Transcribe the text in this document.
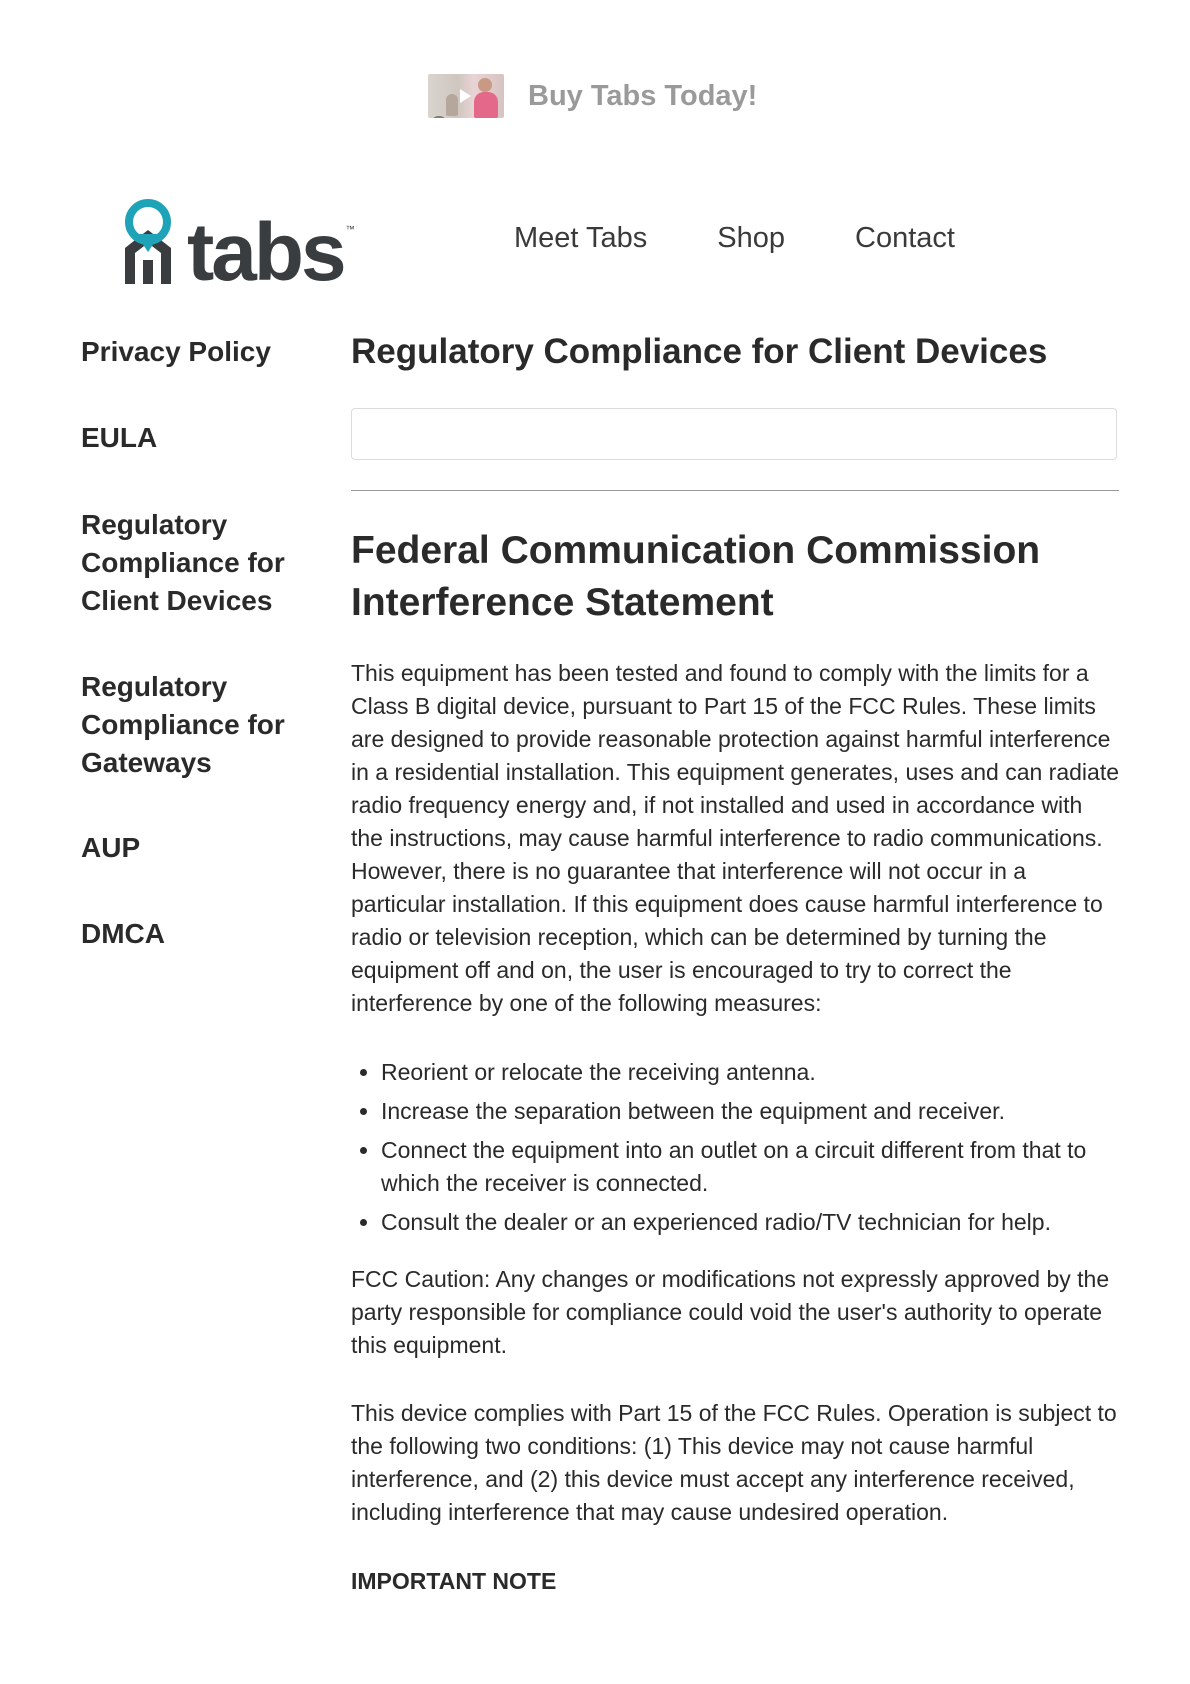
Buy Tabs Today!
tabs ™	Meet Tabs Shop Contact
Privacy Policy
EULA
Regulatory Compliance for Client Devices
Regulatory Compliance for Gateways
AUP
DMCA
Regulatory Compliance for Client Devices
Federal Communication Commission Interference Statement

This equipment has been tested and found to comply with the limits for a Class B digital device, pursuant to Part 15 of the FCC Rules. These limits are designed to provide reasonable protection against harmful interference in a residential installation. This equipment generates, uses and can radiate radio frequency energy and, if not installed and used in accordance with the instructions, may cause harmful interference to radio communications. However, there is no guarantee that interference will not occur in a particular installation. If this equipment does cause harmful interference to radio or television reception, which can be determined by turning the equipment off and on, the user is encouraged to try to correct the interference by one of the following measures:

• Reorient or relocate the receiving antenna.
• Increase the separation between the equipment and receiver.
• Connect the equipment into an outlet on a circuit different from that to which the receiver is connected.
• Consult the dealer or an experienced radio/TV technician for help.

FCC Caution: Any changes or modifications not expressly approved by the party responsible for compliance could void the user's authority to operate this equipment.

This device complies with Part 15 of the FCC Rules. Operation is subject to the following two conditions: (1) This device may not cause harmful interference, and (2) this device must accept any interference received, including interference that may cause undesired operation.

IMPORTANT NOTE
